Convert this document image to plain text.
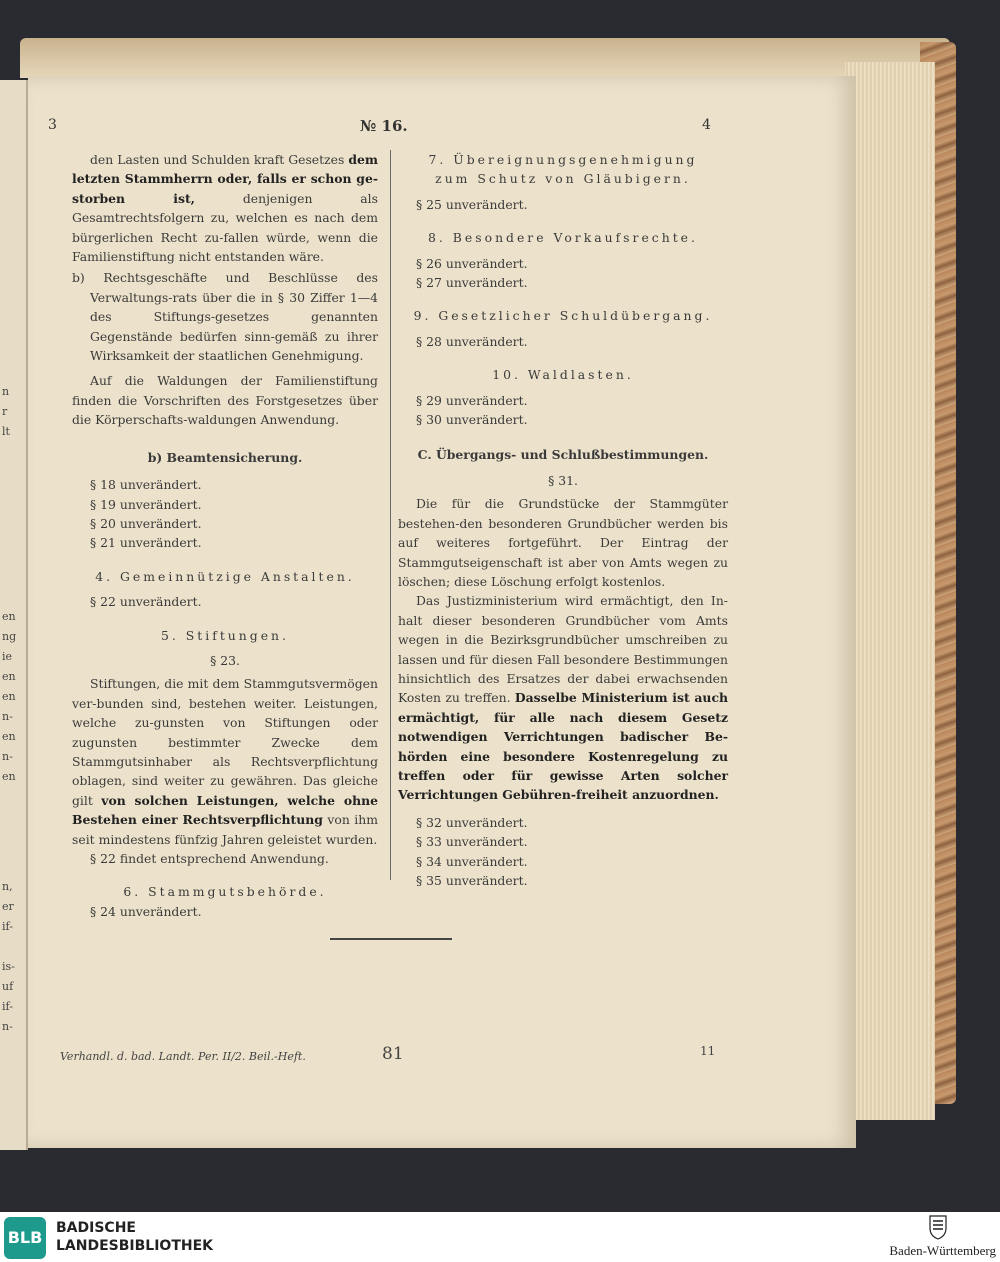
n
r
lt
en
ng
ie
en
en
n-
en
n-
en
n,
er
if-
is-
uf
if-
n-
3	№ 16.	4

den Lasten und Schulden kraft Gesetzes dem letzten Stammherrn oder, falls er schon ge- storben ist,	denjenigen als Gesamtrechtsfolgern zu, welchen es nach dem bürgerlichen Recht zu-fallen würde, wenn die Familienstiftung nicht entstanden wäre.

b) Rechtsgeschäfte und Beschlüsse des Verwaltungs-rats über die in § 30 Ziffer 1—4 des Stiftungs-gesetzes genannten Gegenstände bedürfen sinn-gemäß zu ihrer Wirksamkeit der staatlichen Genehmigung.

Auf die Waldungen der Familienstiftung finden die Vorschriften des Forstgesetzes über die Körperschafts-waldungen Anwendung.

b) Beamtensicherung.
§ 18 unverändert.
§ 19 unverändert.
§ 20 unverändert.
§ 21 unverändert.
4. Gemeinnützige Anstalten.
§ 22 unverändert.
5. Stiftungen.
§ 23.

Stiftungen, die mit dem Stammgutsvermögen ver-bunden sind, bestehen weiter. Leistungen, welche zu-gunsten von Stiftungen oder zugunsten bestimmter Zwecke dem Stammgutsinhaber als Rechtsverpflichtung oblagen, sind weiter zu gewähren. Das gleiche gilt von solchen Leistungen, welche ohne Bestehen einer Rechtsverpflichtung von ihm seit mindestens fünfzig Jahren geleistet wurden.

§ 22 findet entsprechend Anwendung.
6. Stammgutsbehörde.
§ 24 unverändert.
7. Übereignungsgenehmigung zum Schutz von Gläubigern.
§ 25 unverändert.
8. Besondere Vorkaufsrechte.
§ 26 unverändert.
§ 27 unverändert.
9. Gesetzlicher Schuldübergang.
§ 28 unverändert.
10. Waldlasten.
§ 29 unverändert.
§ 30 unverändert.
C. Übergangs- und Schlußbestimmungen.
§ 31.

Die für die Grundstücke der Stammgüter bestehen-den besonderen Grundbücher werden bis auf weiteres fortgeführt. Der Eintrag der Stammgutseigenschaft ist aber von Amts wegen zu löschen; diese Löschung erfolgt kostenlos.

Das Justizministerium wird ermächtigt, den In-halt dieser besonderen Grundbücher vom Amts wegen in die Bezirksgrundbücher umschreiben zu lassen und für diesen Fall besondere Bestimmungen hinsichtlich des Ersatzes der dabei erwachsenden Kosten zu treffen. Dasselbe Ministerium ist auch ermächtigt, für alle nach diesem Gesetz notwendigen Verrichtungen badischer Be-hörden eine besondere Kostenregelung zu treffen oder für gewisse Arten solcher Verrichtungen Gebühren-freiheit anzuordnen.

§ 32 unverändert.
§ 33 unverändert.
§ 34 unverändert.
§ 35 unverändert.
Verhandl. d. bad. Landt. Per. II/2. Beil.-Heft.	81	11
BLB BADISCHE
LANDESBIBLIOTHEK	Baden-Württemberg
